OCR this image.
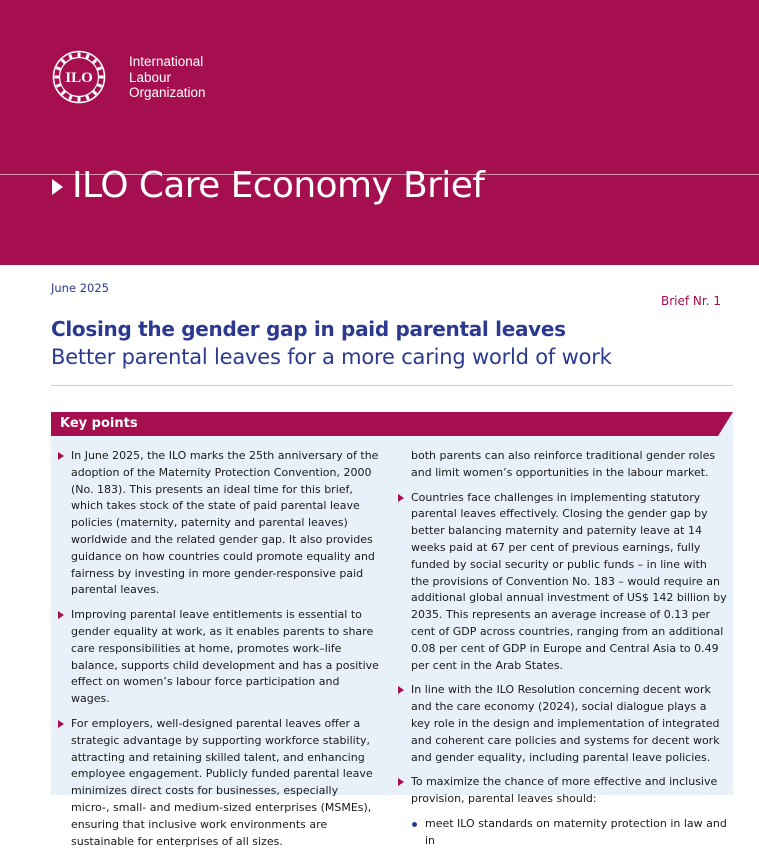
ILO
International
Labour
Organization
ILO Care Economy Brief
June 2025
Brief Nr. 1
Closing the gender gap in paid parental leaves
Better parental leaves for a more caring world of work
Key points
In June 2025, the ILO marks the 25th anniversary of the adoption of the Maternity Protection Convention, 2000 (No. 183). This presents an ideal time for this brief, which takes stock of the state of paid parental leave policies (maternity, paternity and parental leaves) worldwide and the related gender gap. It also provides guidance on how countries could promote equality and fairness by investing in more gender-responsive paid parental leaves.
Improving parental leave entitlements is essential to gender equality at work, as it enables parents to share care responsibilities at home, promotes work–life balance, supports child development and has a positive effect on women’s labour force participation and wages.
For employers, well-designed parental leaves offer a strategic advantage by supporting workforce stability, attracting and retaining skilled talent, and enhancing employee engagement. Publicly funded parental leave minimizes direct costs for businesses, especially micro-, small- and medium-sized enterprises (MSMEs), ensuring that inclusive work environments are sustainable for enterprises of all sizes.
both parents can also reinforce traditional gender roles and limit women’s opportunities in the labour market.
Countries face challenges in implementing statutory parental leaves effectively. Closing the gender gap by better balancing maternity and paternity leave at 14 weeks paid at 67 per cent of previous earnings, fully funded by social security or public funds – in line with the provisions of Convention No. 183 – would require an additional global annual investment of US$ 142 billion by 2035. This represents an average increase of 0.13 per cent of GDP across countries, ranging from an additional 0.08 per cent of GDP in Europe and Central Asia to 0.49 per cent in the Arab States.
In line with the ILO Resolution concerning decent work and the care economy (2024), social dialogue plays a key role in the design and implementation of integrated and coherent care policies and systems for decent work and gender equality, including parental leave policies.
To maximize the chance of more effective and inclusive provision, parental leaves should:
meet ILO standards on maternity protection in law and in
